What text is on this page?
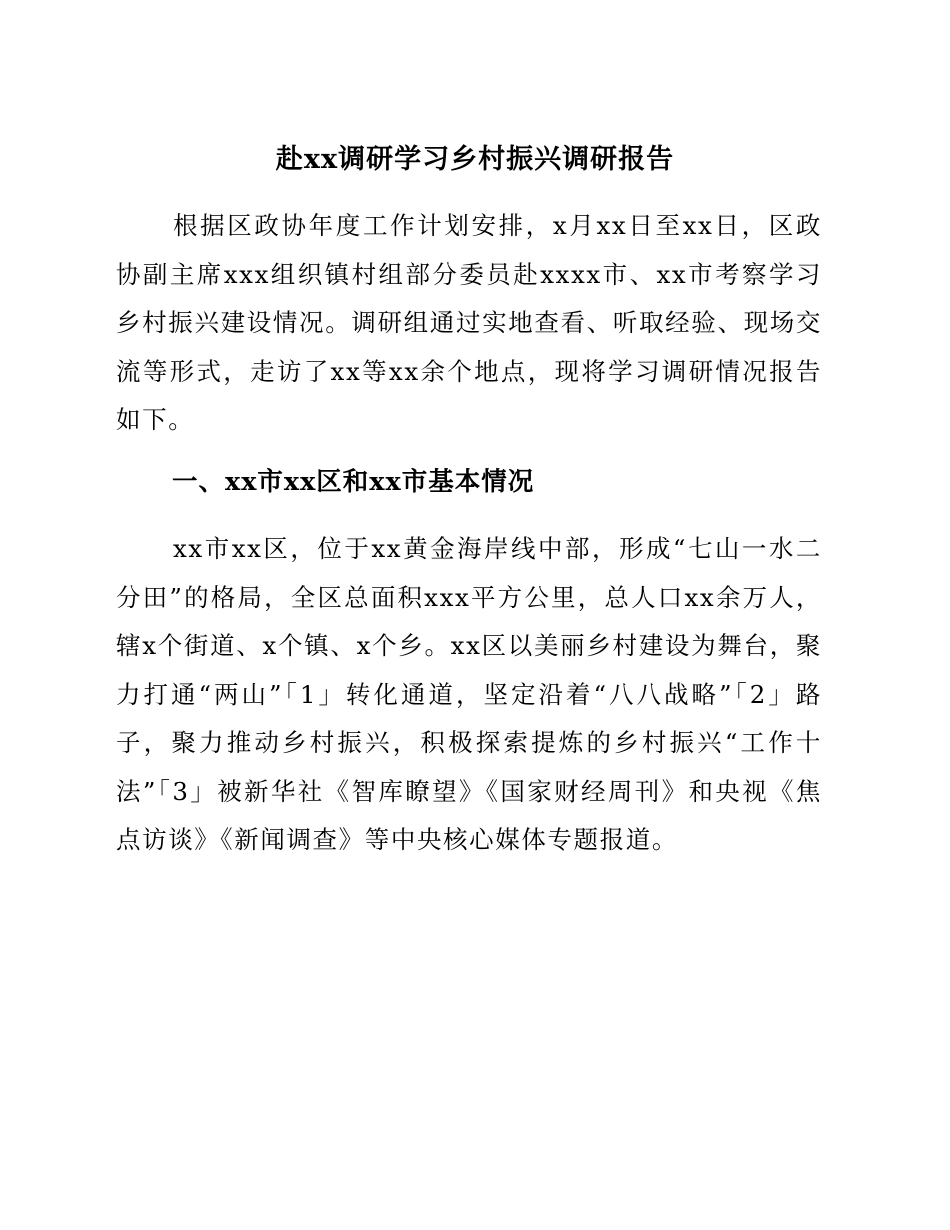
赴xx调研学习乡村振兴调研报告

根据区政协年度工作计划安排，x月xx日至xx日，区政协副主席xxx组织镇村组部分委员赴xxxx市、xx市考察学习乡村振兴建设情况。调研组通过实地查看、听取经验、现场交流等形式，走访了xx等xx余个地点，现将学习调研情况报告如下。

一、xx市xx区和xx市基本情况

xx市xx区，位于xx黄金海岸线中部，形成“七山一水二分田”的格局，全区总面积xxx平方公里，总人口xx余万人，辖x个街道、x个镇、x个乡。xx区以美丽乡村建设为舞台，聚力打通“两山”「1」转化通道，坚定沿着“八八战略”「2」路子，聚力推动乡村振兴，积极探索提炼的乡村振兴“工作十法”「3」被新华社《智库瞭望》《国家财经周刊》和央视《焦点访谈》《新闻调查》等中央核心媒体专题报道。
